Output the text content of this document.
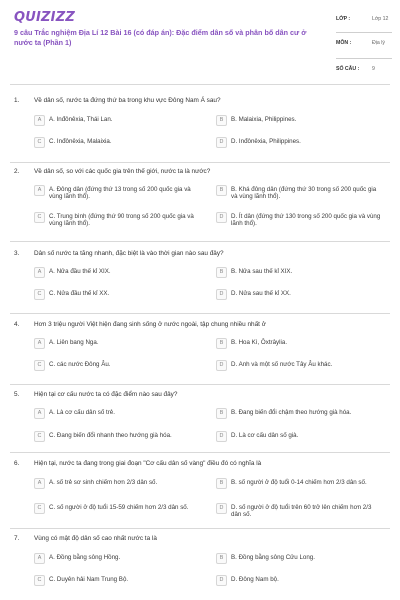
QUIZIZZ
9 câu Trắc nghiệm Địa Lí 12 Bài 16 (có đáp án): Đặc điểm dân số và phân bố dân cư ở nước ta (Phần 1)
LỚP :	Lớp 12
MÔN :	Địa lý
SỐ CÂU : 9
1. Về dân số, nước ta đứng thứ ba trong khu vực Đông Nam Á sau?
A	A. Inđônêxia, Thái Lan.	B	B. Malaixia, Philippines.
C	C. Inđônêxia, Malaixia.	D	D. Inđônêxia, Philippines.
2. Về dân số, so với các quốc gia trên thế giới, nước ta là nước?
A	A. Đông dân (đứng thứ 13 trong số 200 quốc gia và vùng lãnh thổ).
B	B. Khá đông dân (đứng thứ 30 trong số 200 quốc gia và vùng lãnh thổ).
C	C. Trung bình (đứng thứ 90 trong số 200 quốc gia và vùng lãnh thổ).
D	D. Ít dân (đứng thứ 130 trong số 200 quốc gia và vùng lãnh thổ).
3. Dân số nước ta tăng nhanh, đặc biệt là vào thời gian nào sau đây?
A	A. Nửa đầu thế kỉ XIX.	B	B. Nửa sau thế kỉ XIX.
C	C. Nửa đầu thế kỉ XX.	D	D. Nửa sau thế kỉ XX.
4. Hơn 3 triệu người Việt hiện đang sinh sống ở nước ngoài, tập chung nhiều nhất ở
A	A. Liên bang Nga.	B	B. Hoa Kì, Ôxtrâylia.
C	C. các nước Đông Âu.	D	D. Anh và một số nước Tây Âu khác.
5. Hiện tại cơ cấu nước ta có đặc điểm nào sau đây?
A	A. Là cơ cấu dân số trẻ.	B	B. Đang biến đổi chậm theo hướng già hóa.
C	C. Đang biến đổi nhanh theo hướng già hóa.	D	D. Là cơ cấu dân số già.
6. Hiện tại, nước ta đang trong giai đoạn "Cơ cấu dân số vàng" điều đó có nghĩa là
A	A. số trẻ sơ sinh chiếm hơn 2/3 dân số.	B	B. số người ở độ tuổi 0-14 chiếm hơn 2/3 dân số.
C	C. số người ở độ tuổi 15-59 chiếm hơn 2/3 dân số.	D	D. số người ở độ tuổi trên 60 trở lên chiếm hơn 2/3 dân số.
7. Vùng có mật độ dân số cao nhất nước ta là
A	A. Đồng bằng sông Hồng.	B	B. Đồng bằng sông Cửu Long.
C	C. Duyên hải Nam Trung Bộ.	D	D. Đông Nam bộ.
